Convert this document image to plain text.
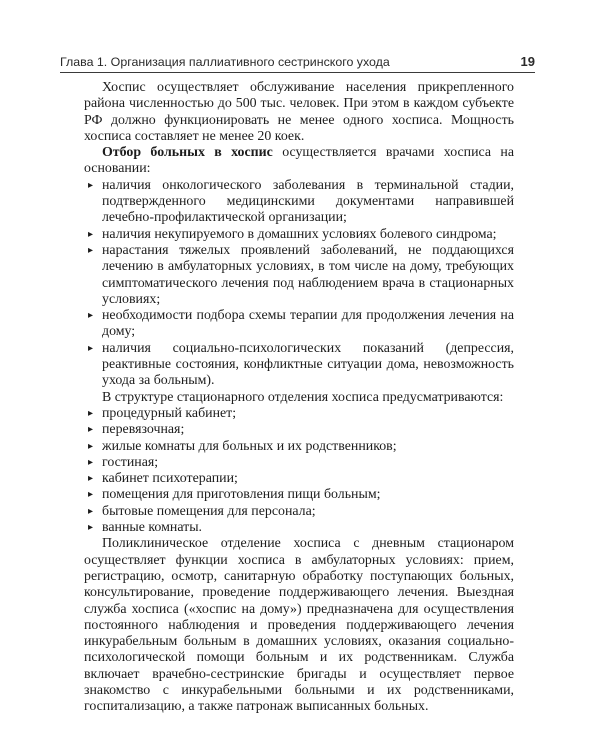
Глава 1. Организация паллиативного сестринского ухода	19

Хоспис осуществляет обслуживание населения прикрепленного района численностью до 500 тыс. человек. При этом в каждом субъекте РФ должно функционировать не менее одного хосписа. Мощность хосписа составляет не менее 20 коек.

Отбор больных в хоспис осуществляется врачами хосписа на основании:

▸ наличия онкологического заболевания в терминальной стадии, подтвержденного медицинскими документами направившей лечебно-профилактической организации;
▸ наличия некупируемого в домашних условиях болевого синдрома;
▸ нарастания тяжелых проявлений заболеваний, не поддающихся лечению в амбулаторных условиях, в том числе на дому, требующих симптоматического лечения под наблюдением врача в стационарных условиях;
▸ необходимости подбора схемы терапии для продолжения лечения на дому;
▸ наличия социально-психологических показаний (депрессия, реактивные состояния, конфликтные ситуации дома, невозможность ухода за больным).

В структуре стационарного отделения хосписа предусматриваются:

▸ процедурный кабинет;
▸ перевязочная;
▸ жилые комнаты для больных и их родственников;
▸ гостиная;
▸ кабинет психотерапии;
▸ помещения для приготовления пищи больным;
▸ бытовые помещения для персонала;
▸ ванные комнаты.

Поликлиническое отделение хосписа с дневным стационаром осуществляет функции хосписа в амбулаторных условиях: прием, регистрацию, осмотр, санитарную обработку поступающих больных, консультирование, проведение поддерживающего лечения. Выездная служба хосписа («хоспис на дому») предназначена для осуществления постоянного наблюдения и проведения поддерживающего лечения инкурабельным больным в домашних условиях, оказания социально-психологической помощи больным и их родственникам. Служба включает врачебно-сестринские бригады и осуществляет первое знакомство с инкурабельными больными и их родственниками, госпитализацию, а также патронаж выписанных больных.
